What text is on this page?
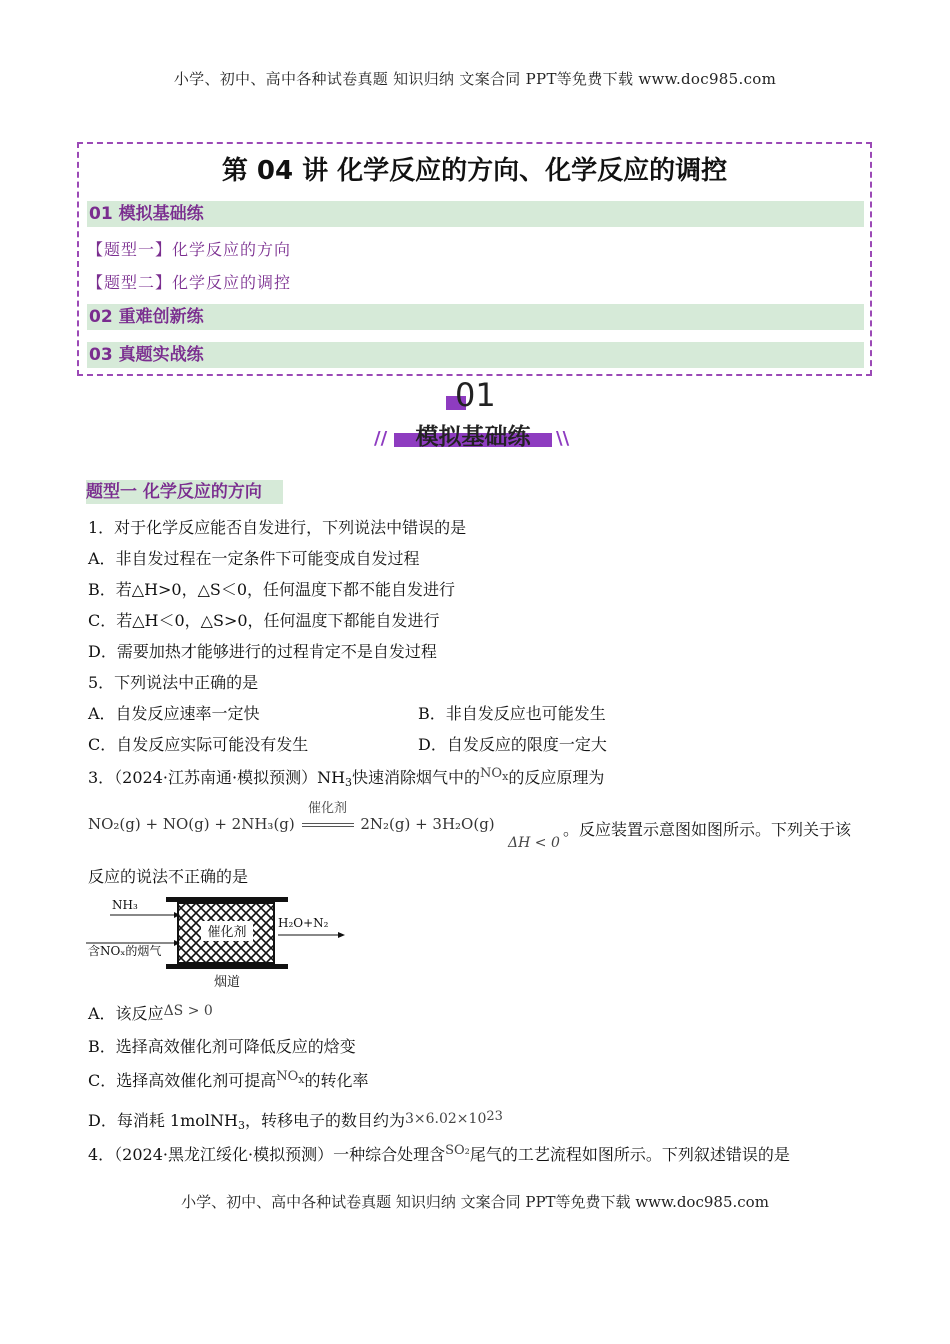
小学、初中、高中各种试卷真题 知识归纳 文案合同 PPT等免费下载 www.doc985.com
第 04 讲 化学反应的方向、化学反应的调控
01 模拟基础练
【题型一】化学反应的方向
【题型二】化学反应的调控
02 重难创新练
03 真题实战练
01
//	\\
模拟基础练
题型一 化学反应的方向
1．对于化学反应能否自发进行，下列说法中错误的是
A．非自发过程在一定条件下可能变成自发过程
B．若△H>0，△S＜0，任何温度下都不能自发进行
C．若△H＜0，△S>0，任何温度下都能自发进行
D．需要加热才能够进行的过程肯定不是自发过程
5．下列说法中正确的是
A．自发反应速率一定快	B．非自发反应也可能发生
C．自发反应实际可能没有发生	D．自发反应的限度一定大
3．（2024·江苏南通·模拟预测）$NH_3$快速消除烟气中的$^{NO_x}$的反应原理为
NO₂(g) + NO(g) + 2NH₃(g)
催化剂
2N₂(g) + 3H₂O(g)
ΔH < 0
。反应装置示意图如图所示。下列关于该
反应的说法不正确的是
催化剂
NH₃
含NOₓ的烟气
H₂O+N₂
烟道
A．该反应ΔS > 0
B．选择高效催化剂可降低反应的焓变
C．选择高效催化剂可提高$^{NO_x}$的转化率
D．每消耗 1molNH$_3$，转移电子的数目约为$3\times 6.02\times 10^{23}$
4．（2024·黑龙江绥化·模拟预测）一种综合处理含$^{SO_2}$尾气的工艺流程如图所示。下列叙述错误的是
小学、初中、高中各种试卷真题 知识归纳 文案合同 PPT等免费下载 www.doc985.com
